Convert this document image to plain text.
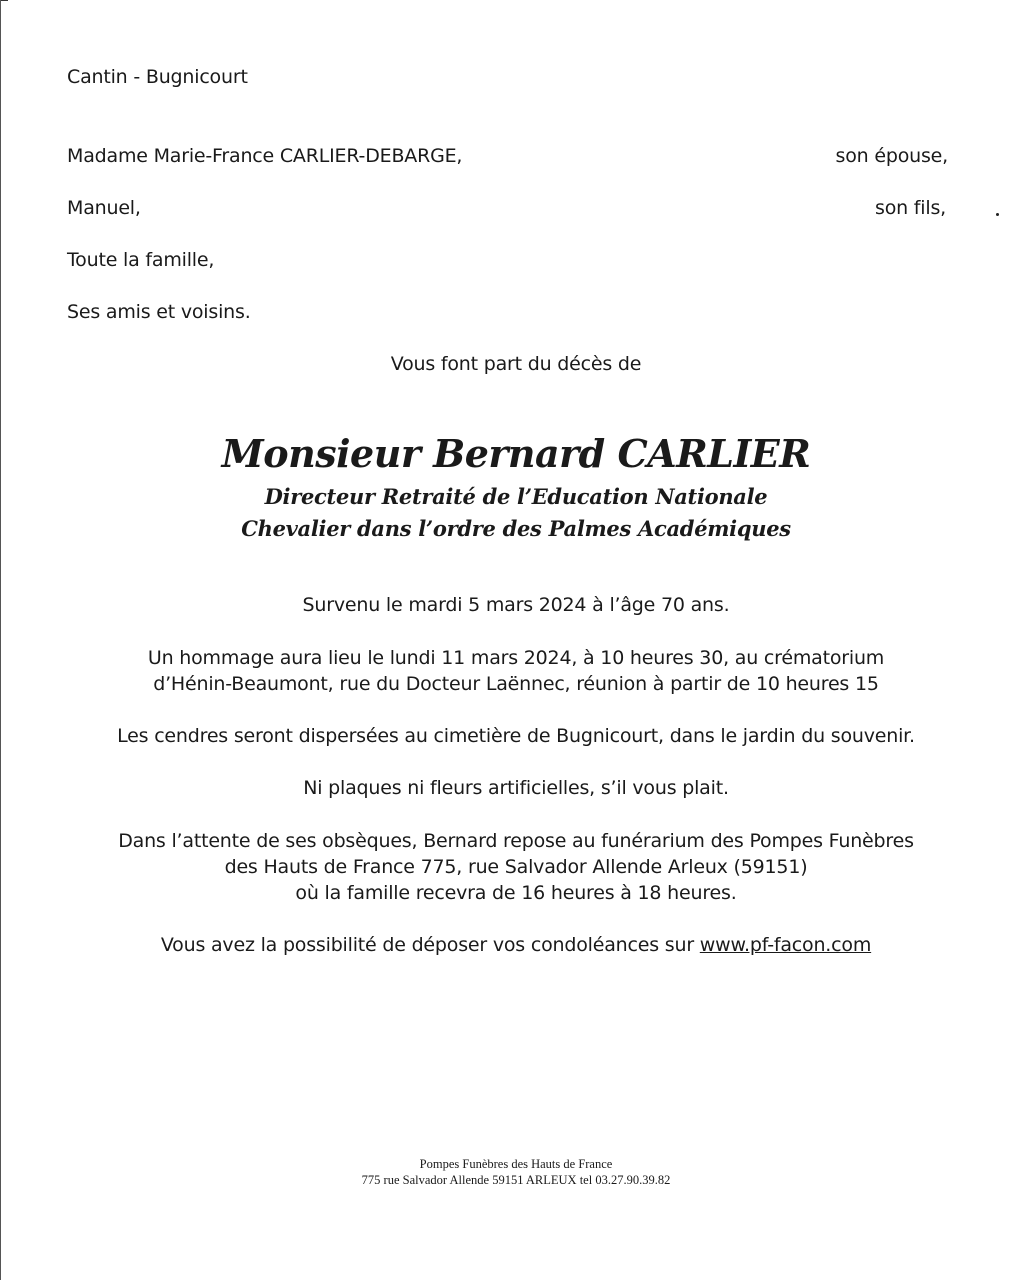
Cantin - Bugnicourt
Madame Marie-France CARLIER-DEBARGE,	son épouse,
Manuel,	son fils,
Toute la famille,
Ses amis et voisins.
Vous font part du décès de
Monsieur Bernard CARLIER
Directeur Retraité de l’Education Nationale
Chevalier dans l’ordre des Palmes Académiques
Survenu le mardi 5 mars 2024 à l’âge 70 ans.
Un hommage aura lieu le lundi 11 mars 2024, à 10 heures 30, au crématorium
d’Hénin-Beaumont, rue du Docteur Laënnec, réunion à partir de 10 heures 15
Les cendres seront dispersées au cimetière de Bugnicourt, dans le jardin du souvenir.
Ni plaques ni fleurs artificielles, s’il vous plait.
Dans l’attente de ses obsèques, Bernard repose au funérarium des Pompes Funèbres
des Hauts de France 775, rue Salvador Allende Arleux (59151)
où la famille recevra de 16 heures à 18 heures.
Vous avez la possibilité de déposer vos condoléances sur www.pf-facon.com
Pompes Funèbres des Hauts de France
775 rue Salvador Allende 59151 ARLEUX tel 03.27.90.39.82
